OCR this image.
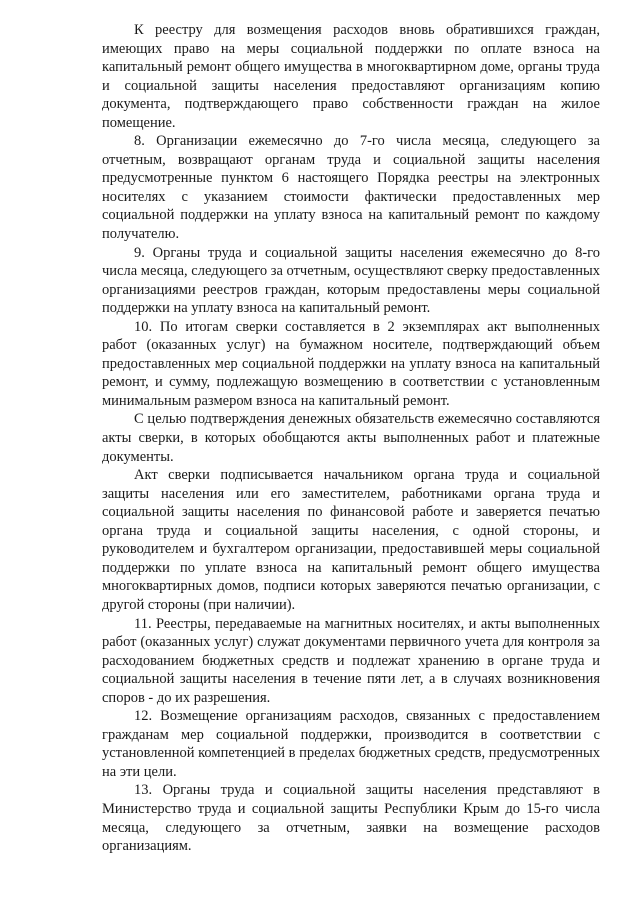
К реестру для возмещения расходов вновь обратившихся граждан, имеющих право на меры социальной поддержки по оплате взноса на капитальный ремонт общего имущества в многоквартирном доме, органы труда и социальной защиты населения предоставляют организациям копию документа, подтверждающего право собственности граждан на жилое помещение.

8. Организации ежемесячно до 7-го числа месяца, следующего за отчетным, возвращают органам труда и социальной защиты населения предусмотренные пунктом 6 настоящего Порядка реестры на электронных носителях с указанием стоимости фактически предоставленных мер социальной поддержки на уплату взноса на капитальный ремонт по каждому получателю.

9. Органы труда и социальной защиты населения ежемесячно до 8-го числа месяца, следующего за отчетным, осуществляют сверку предоставленных организациями реестров граждан, которым предоставлены меры социальной поддержки на уплату взноса на капитальный ремонт.

10. По итогам сверки составляется в 2 экземплярах акт выполненных работ (оказанных услуг) на бумажном носителе, подтверждающий объем предоставленных мер социальной поддержки на уплату взноса на капитальный ремонт, и сумму, подлежащую возмещению в соответствии с установленным минимальным размером взноса на капитальный ремонт.

С целью подтверждения денежных обязательств ежемесячно составляются акты сверки, в которых обобщаются акты выполненных работ и платежные документы.

Акт сверки подписывается начальником органа труда и социальной защиты населения или его заместителем, работниками органа труда и социальной защиты населения по финансовой работе и заверяется печатью органа труда и социальной защиты населения, с одной стороны, и руководителем и бухгалтером организации, предоставившей меры социальной поддержки по уплате взноса на капитальный ремонт общего имущества многоквартирных домов, подписи которых заверяются печатью организации, с другой стороны (при наличии).

11. Реестры, передаваемые на магнитных носителях, и акты выполненных работ (оказанных услуг) служат документами первичного учета для контроля за расходованием бюджетных средств и подлежат хранению в органе труда и социальной защиты населения в течение пяти лет, а в случаях возникновения споров - до их разрешения.

12. Возмещение организациям расходов, связанных с предоставлением гражданам мер социальной поддержки, производится в соответствии с установленной компетенцией в пределах бюджетных средств, предусмотренных на эти цели.

13. Органы труда и социальной защиты населения представляют в Министерство труда и социальной защиты Республики Крым до 15-го числа месяца, следующего за отчетным, заявки на возмещение расходов организациям.
